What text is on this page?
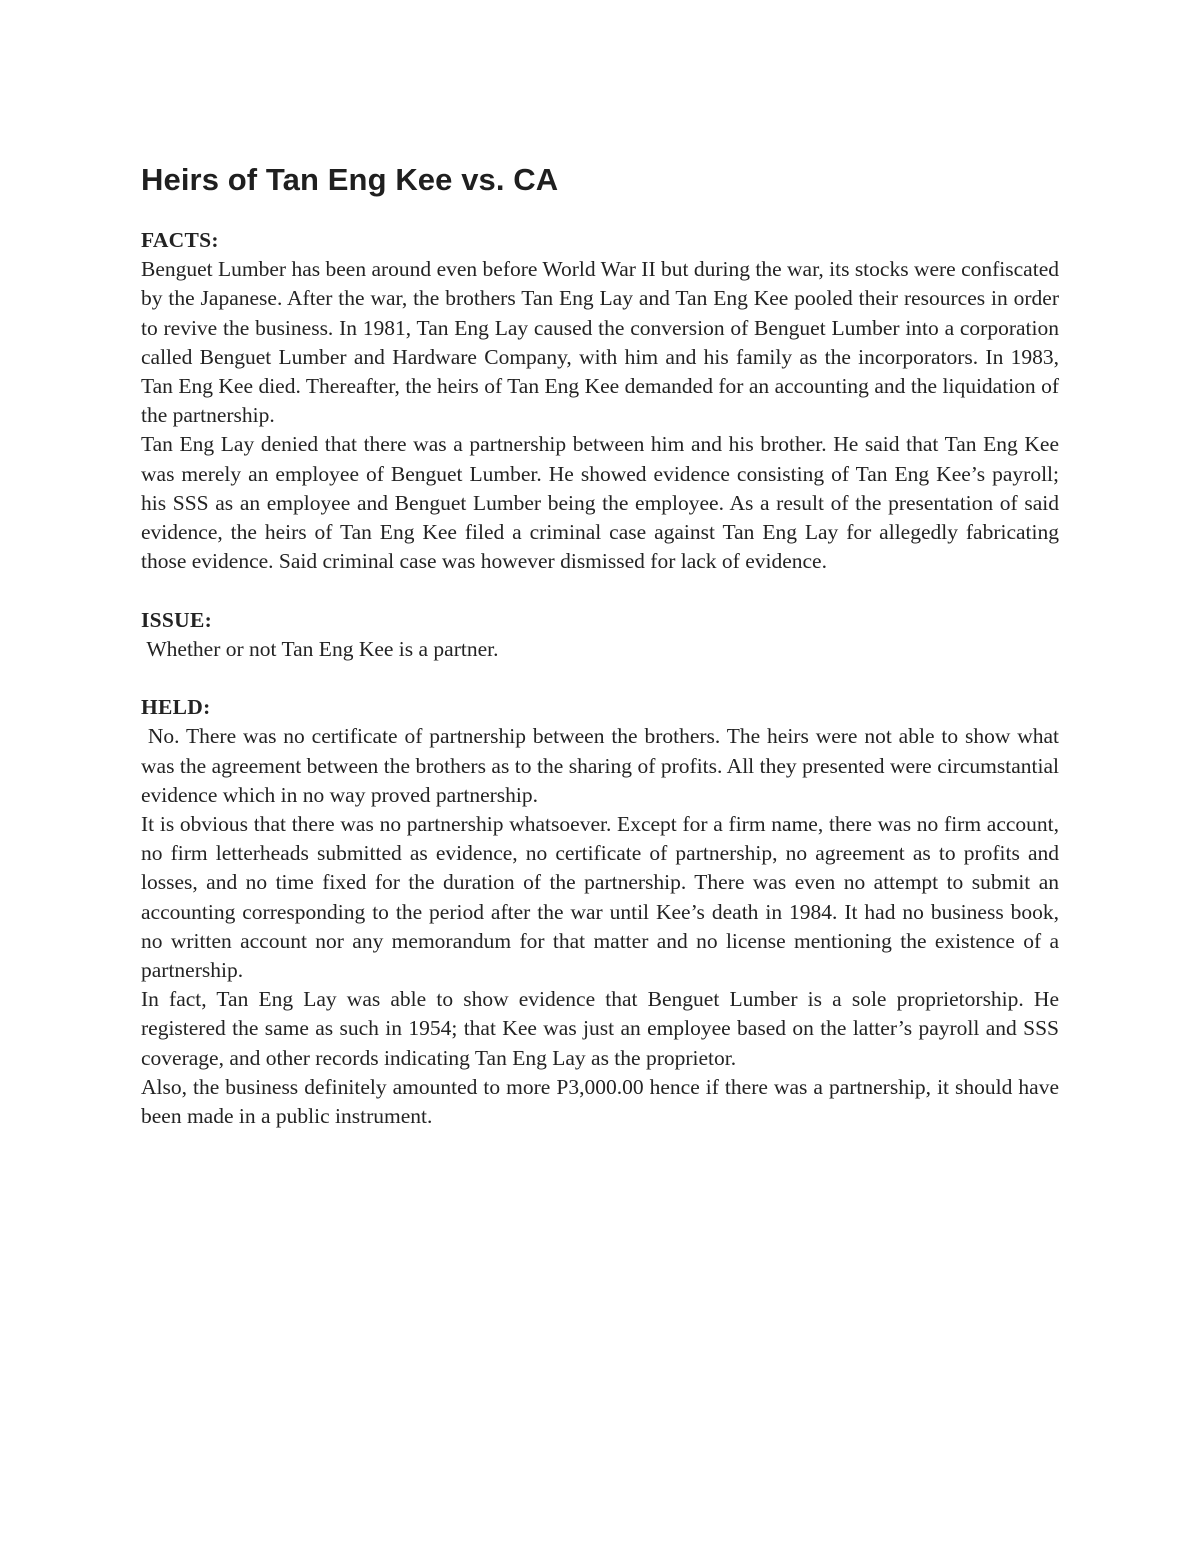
Heirs of Tan Eng Kee vs. CA

FACTS:

Benguet Lumber has been around even before World War II but during the war, its stocks were confiscated by the Japanese. After the war, the brothers Tan Eng Lay and Tan Eng Kee pooled their resources in order to revive the business. In 1981, Tan Eng Lay caused the conversion of Benguet Lumber into a corporation called Benguet Lumber and Hardware Company, with him and his family as the incorporators. In 1983, Tan Eng Kee died. Thereafter, the heirs of Tan Eng Kee demanded for an accounting and the liquidation of the partnership.

Tan Eng Lay denied that there was a partnership between him and his brother. He said that Tan Eng Kee was merely an employee of Benguet Lumber. He showed evidence consisting of Tan Eng Kee’s payroll; his SSS as an employee and Benguet Lumber being the employee. As a result of the presentation of said evidence, the heirs of Tan Eng Kee filed a criminal case against Tan Eng Lay for allegedly fabricating those evidence. Said criminal case was however dismissed for lack of evidence.

ISSUE:

Whether or not Tan Eng Kee is a partner.

HELD:

No. There was no certificate of partnership between the brothers. The heirs were not able to show what was the agreement between the brothers as to the sharing of profits. All they presented were circumstantial evidence which in no way proved partnership.

It is obvious that there was no partnership whatsoever. Except for a firm name, there was no firm account, no firm letterheads submitted as evidence, no certificate of partnership, no agreement as to profits and losses, and no time fixed for the duration of the partnership. There was even no attempt to submit an accounting corresponding to the period after the war until Kee’s death in 1984. It had no business book, no written account nor any memorandum for that matter and no license mentioning the existence of a partnership.

In fact, Tan Eng Lay was able to show evidence that Benguet Lumber is a sole proprietorship. He registered the same as such in 1954; that Kee was just an employee based on the latter’s payroll and SSS coverage, and other records indicating Tan Eng Lay as the proprietor.

Also, the business definitely amounted to more P3,000.00 hence if there was a partnership, it should have been made in a public instrument.
